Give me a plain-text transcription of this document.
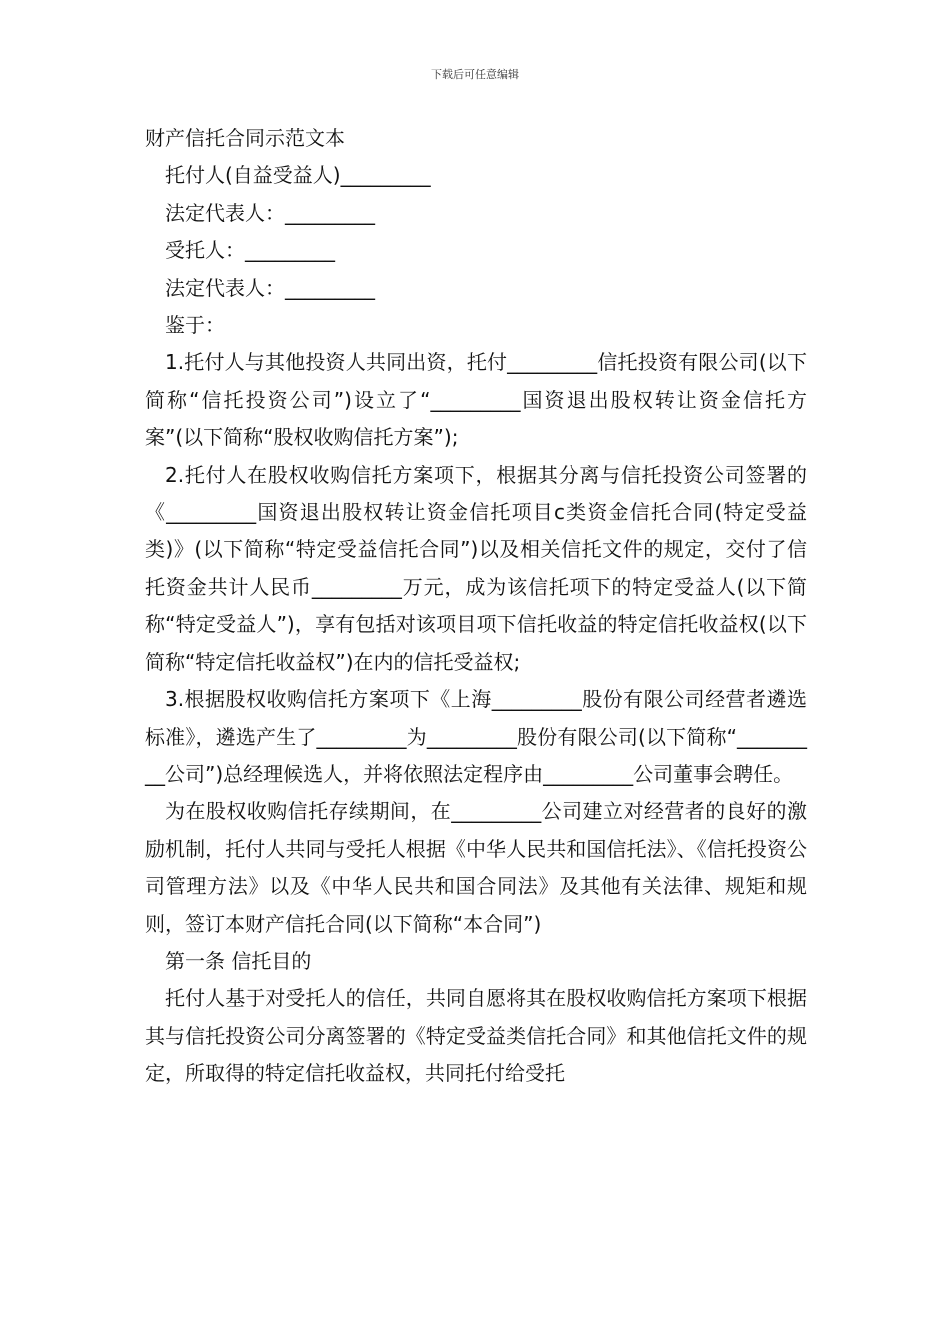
下载后可任意编辑

财产信托合同示范文本

托付人(自益受益人)_________

法定代表人：_________

受托人：_________

法定代表人：_________

鉴于：

1.托付人与其他投资人共同出资，托付_________信托投资有限公司(以下简称“信托投资公司”)设立了“_________国资退出股权转让资金信托方案”(以下简称“股权收购信托方案”);

2.托付人在股权收购信托方案项下，根据其分离与信托投资公司签署的《_________国资退出股权转让资金信托项目c类资金信托合同(特定受益类)》(以下简称“特定受益信托合同”)以及相关信托文件的规定，交付了信托资金共计人民币_________万元，成为该信托项下的特定受益人(以下简称“特定受益人”)，享有包括对该项目项下信托收益的特定信托收益权(以下简称“特定信托收益权”)在内的信托受益权;

3.根据股权收购信托方案项下《上海_________股份有限公司经营者遴选标准》，遴选产生了_________为_________股份有限公司(以下简称“_________公司”)总经理候选人，并将依照法定程序由_________公司董事会聘任。

为在股权收购信托存续期间，在_________公司建立对经营者的良好的激励机制，托付人共同与受托人根据《中华人民共和国信托法》、《信托投资公司管理方法》以及《中华人民共和国合同法》及其他有关法律、规矩和规则，签订本财产信托合同(以下简称“本合同”)

第一条 信托目的

托付人基于对受托人的信任，共同自愿将其在股权收购信托方案项下根据其与信托投资公司分离签署的《特定受益类信托合同》和其他信托文件的规定，所取得的特定信托收益权，共同托付给受托
